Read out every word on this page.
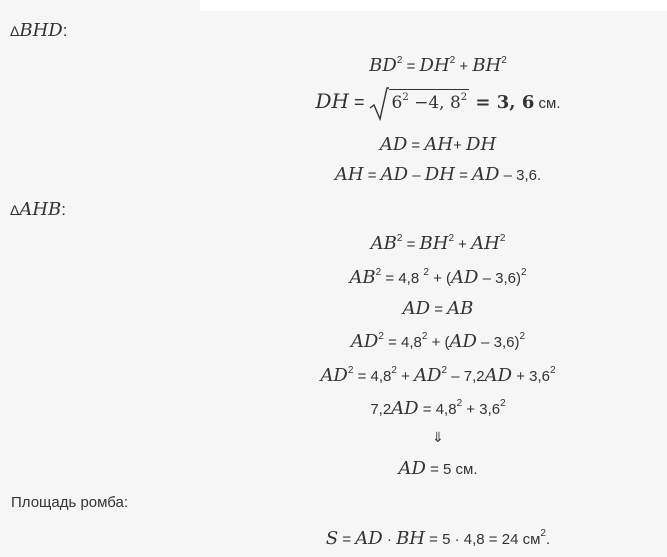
ΔBHD:
$BD^2 = DH^2 + BH^2$
DH = $6^2 -4$, $8^2 = 3$, 6 см.
AD = AH+ DH
AH = AD – DH = AD – 3,6.
ΔAHB:
$AB^2 = BH^2 + AH^2$
$AB^2 = 4,8$ $^2$ + (AD – 3,6)$^2$
AD = AB
$AD^2 = 4,8^2 + (AD - 3,6)^2$
$AD^2 = 4,8^2 + AD^2 - 7,2AD + 3,6^2$
$7,2AD = 4,8^2 + 3,6^2$
⇓
AD = 5 см.
Площадь ромба:
S = AD · BH = 5 · 4,8 = 24 $см^2$.
